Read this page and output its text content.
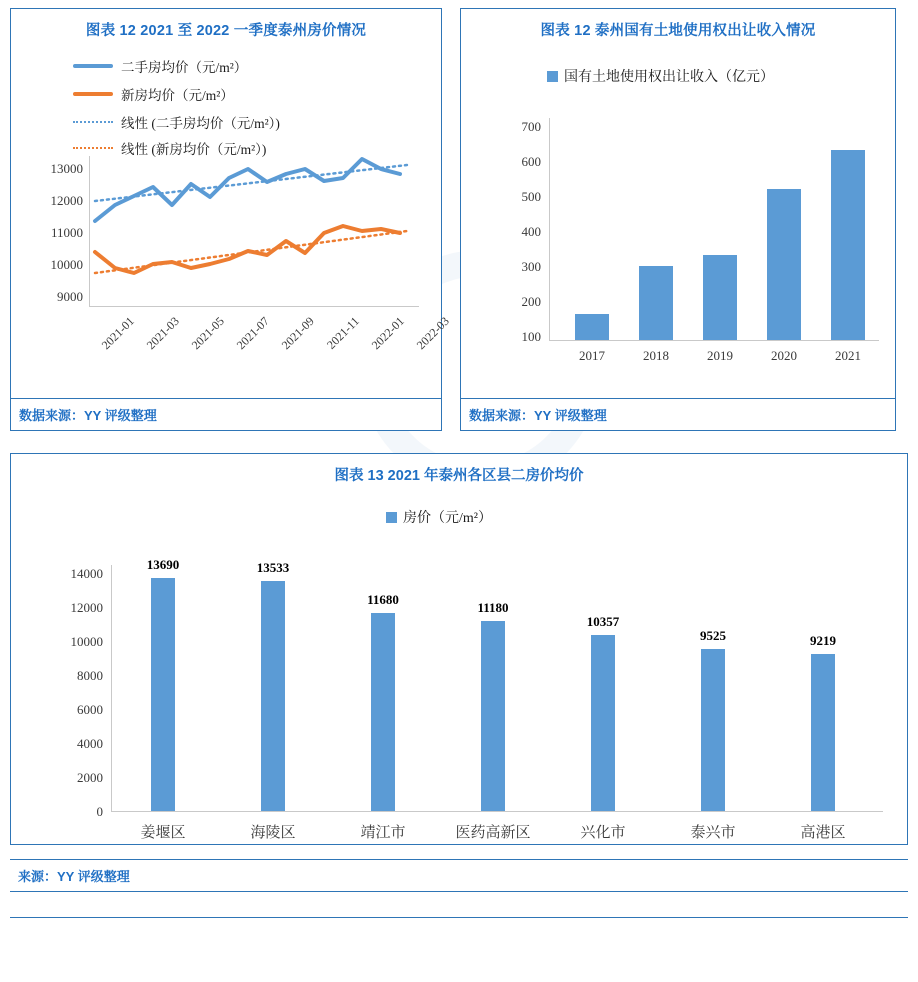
图表 12 2021 至 2022 一季度泰州房价情况
二手房均价（元/m²）
新房均价（元/m²）
线性 (二手房均价（元/m²）)
线性 (新房均价（元/m²）)
13000
12000
11000
10000
9000
2021-01 2021-03 2021-05 2021-07 2021-09 2021-11 2022-01 2022-03
数据来源：YY 评级整理
图表 12 泰州国有土地使用权出让收入情况
国有土地使用权出让收入（亿元）
700
600
500
400
300
200
100
2017	2018	2019	2020	2021
数据来源：YY 评级整理
图表 13 2021 年泰州各区县二房价均价
房价（元/m²）
14000
12000
10000
8000
6000
4000
2000
0
13690	13533
11680
11180
10357
9525	9219
姜堰区	海陵区	靖江市	医药高新区	兴化市	泰兴市	高港区
来源：YY 评级整理
